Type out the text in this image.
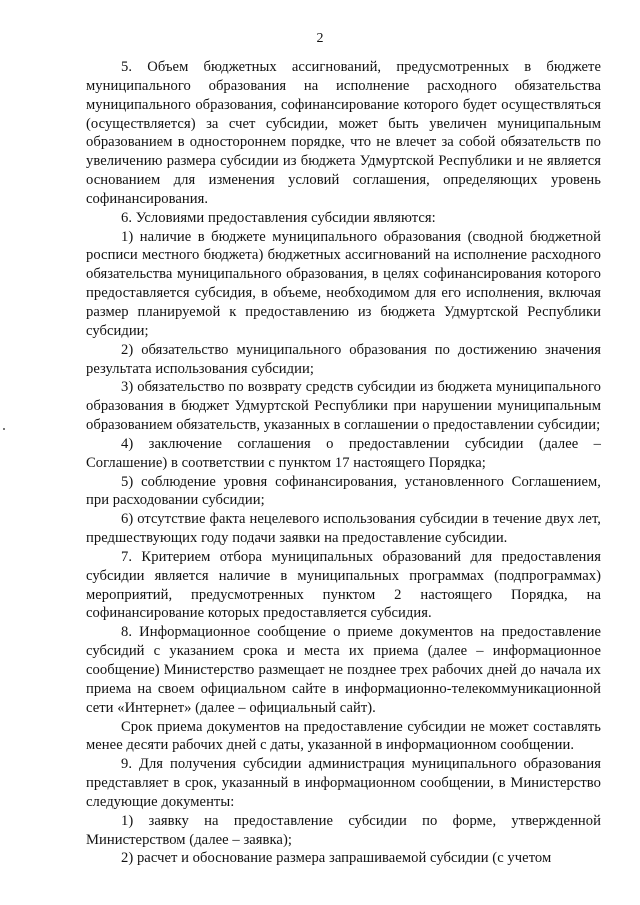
2

5. Объем бюджетных ассигнований, предусмотренных в бюджете муниципального образования на исполнение расходного обязательства муниципального образования, софинансирование которого будет осуществляться (осуществляется) за счет субсидии, может быть увеличен муниципальным образованием в одностороннем порядке, что не влечет за собой обязательств по увеличению размера субсидии из бюджета Удмуртской Республики и не является основанием для изменения условий соглашения, определяющих уровень софинансирования.

6. Условиями предоставления субсидии являются:

1) наличие в бюджете муниципального образования (сводной бюджетной росписи местного бюджета) бюджетных ассигнований на исполнение расходного обязательства муниципального образования, в целях софинансирования которого предоставляется субсидия, в объеме, необходимом для его исполнения, включая размер планируемой к предоставлению из бюджета Удмуртской Республики субсидии;

2) обязательство муниципального образования по достижению значения результата использования субсидии;

3) обязательство по возврату средств субсидии из бюджета муниципального образования в бюджет Удмуртской Республики при нарушении муниципальным образованием обязательств, указанных в соглашении о предоставлении субсидии;

4) заключение соглашения о предоставлении субсидии (далее – Соглашение) в соответствии с пунктом 17 настоящего Порядка;

5) соблюдение уровня софинансирования, установленного Соглашением, при расходовании субсидии;

6) отсутствие факта нецелевого использования субсидии в течение двух лет, предшествующих году подачи заявки на предоставление субсидии.

7. Критерием отбора муниципальных образований для предоставления субсидии является наличие в муниципальных программах (подпрограммах) мероприятий, предусмотренных пунктом 2 настоящего Порядка, на софинансирование которых предоставляется субсидия.

8. Информационное сообщение о приеме документов на предоставление субсидий с указанием срока и места их приема (далее – информационное сообщение) Министерство размещает не позднее трех рабочих дней до начала их приема на своем официальном сайте в информационно-телекоммуникационной сети «Интернет» (далее – официальный сайт).

Срок приема документов на предоставление субсидии не может составлять менее десяти рабочих дней с даты, указанной в информационном сообщении.

9. Для получения субсидии администрация муниципального образования представляет в срок, указанный в информационном сообщении, в Министерство следующие документы:

1) заявку на предоставление субсидии по форме, утвержденной Министерством (далее – заявка);

2) расчет и обоснование размера запрашиваемой субсидии (с учетом
